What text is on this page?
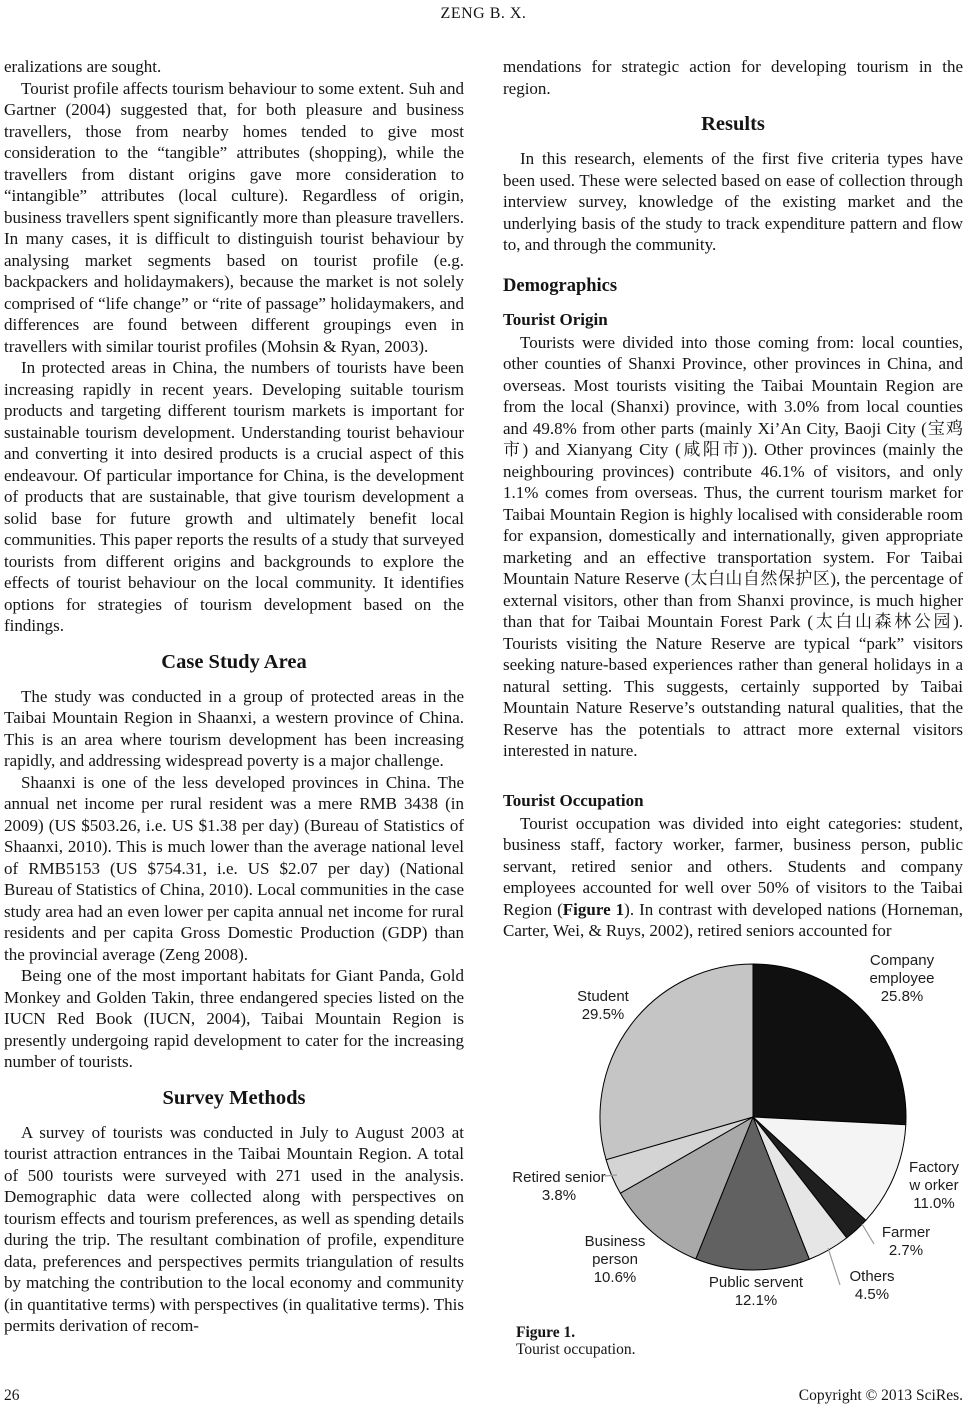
ZENG B. X.

eralizations are sought.

Tourist profile affects tourism behaviour to some extent. Suh and Gartner (2004) suggested that, for both pleasure and business travellers, those from nearby homes tended to give most consideration to the “tangible” attributes (shopping), while the travellers from distant origins gave more consideration to “intangible” attributes (local culture). Regardless of origin, business travellers spent significantly more than pleasure travellers. In many cases, it is difficult to distinguish tourist behaviour by analysing market segments based on tourist profile (e.g. backpackers and holidaymakers), because the market is not solely comprised of “life change” or “rite of passage” holidaymakers, and differences are found between different groupings even in travellers with similar tourist profiles (Mohsin & Ryan, 2003).

In protected areas in China, the numbers of tourists have been increasing rapidly in recent years. Developing suitable tourism products and targeting different tourism markets is important for sustainable tourism development. Understanding tourist behaviour and converting it into desired products is a crucial aspect of this endeavour. Of particular importance for China, is the development of products that are sustainable, that give tourism development a solid base for future growth and ultimately benefit local communities. This paper reports the results of a study that surveyed tourists from different origins and backgrounds to explore the effects of tourist behaviour on the local community. It identifies options for strategies of tourism development based on the findings.

Case Study Area

The study was conducted in a group of protected areas in the Taibai Mountain Region in Shaanxi, a western province of China. This is an area where tourism development has been increasing rapidly, and addressing widespread poverty is a major challenge.

Shaanxi is one of the less developed provinces in China. The annual net income per rural resident was a mere RMB 3438 (in 2009) (US $503.26, i.e. US $1.38 per day) (Bureau of Statistics of Shaanxi, 2010). This is much lower than the average national level of RMB5153 (US $754.31, i.e. US $2.07 per day) (National Bureau of Statistics of China, 2010). Local communities in the case study area had an even lower per capita annual net income for rural residents and per capita Gross Domestic Production (GDP) than the provincial average (Zeng 2008).

Being one of the most important habitats for Giant Panda, Gold Monkey and Golden Takin, three endangered species listed on the IUCN Red Book (IUCN, 2004), Taibai Mountain Region is presently undergoing rapid development to cater for the increasing number of tourists.

Survey Methods

A survey of tourists was conducted in July to August 2003 at tourist attraction entrances in the Taibai Mountain Region. A total of 500 tourists were surveyed with 271 used in the analysis. Demographic data were collected along with perspectives on tourism effects and tourism preferences, as well as spending details during the trip. The resultant combination of profile, expenditure data, preferences and perspectives permits triangulation of results by matching the contribution to the local economy and community (in quantitative terms) with perspectives (in qualitative terms). This permits derivation of recom-

mendations for strategic action for developing tourism in the region.

Results

In this research, elements of the first five criteria types have been used. These were selected based on ease of collection through interview survey, knowledge of the existing market and the underlying basis of the study to track expenditure pattern and flow to, and through the community.

Demographics
Tourist Origin

Tourists were divided into those coming from: local counties, other counties of Shanxi Province, other provinces in China, and overseas. Most tourists visiting the Taibai Mountain Region are from the local (Shanxi) province, with 3.0% from local counties and 49.8% from other parts (mainly Xi’An City, Baoji City (宝鸡市) and Xianyang City (咸阳市)). Other provinces (mainly the neighbouring provinces) contribute 46.1% of visitors, and only 1.1% comes from overseas. Thus, the current tourism market for Taibai Mountain Region is highly localised with considerable room for expansion, domestically and internationally, given appropriate marketing and an effective transportation system. For Taibai Mountain Nature Reserve (太白山自然保护区), the percentage of external visitors, other than from Shanxi province, is much higher than that for Taibai Mountain Forest Park (太白山森林公园). Tourists visiting the Nature Reserve are typical “park” visitors seeking nature-based experiences rather than general holidays in a natural setting. This suggests, certainly supported by Taibai Mountain Nature Reserve’s outstanding natural qualities, that the Reserve has the potentials to attract more external visitors interested in nature.

Tourist Occupation

Tourist occupation was divided into eight categories: student, business staff, factory worker, farmer, business person, public servant, retired senior and others. Students and company employees accounted for well over 50% of visitors to the Taibai Region (Figure 1). In contrast with developed nations (Horneman, Carter, Wei, & Ruys, 2002), retired seniors accounted for

Company
employee
25.8%
Student
29.5%
Factory
w orker
11.0%
Farmer
2.7%
Others
4.5%
Public servent
12.1%
Business
person
10.6%
Retired senior
3.8%
Figure 1.
Tourist occupation.
26	Copyright © 2013 SciRes.
